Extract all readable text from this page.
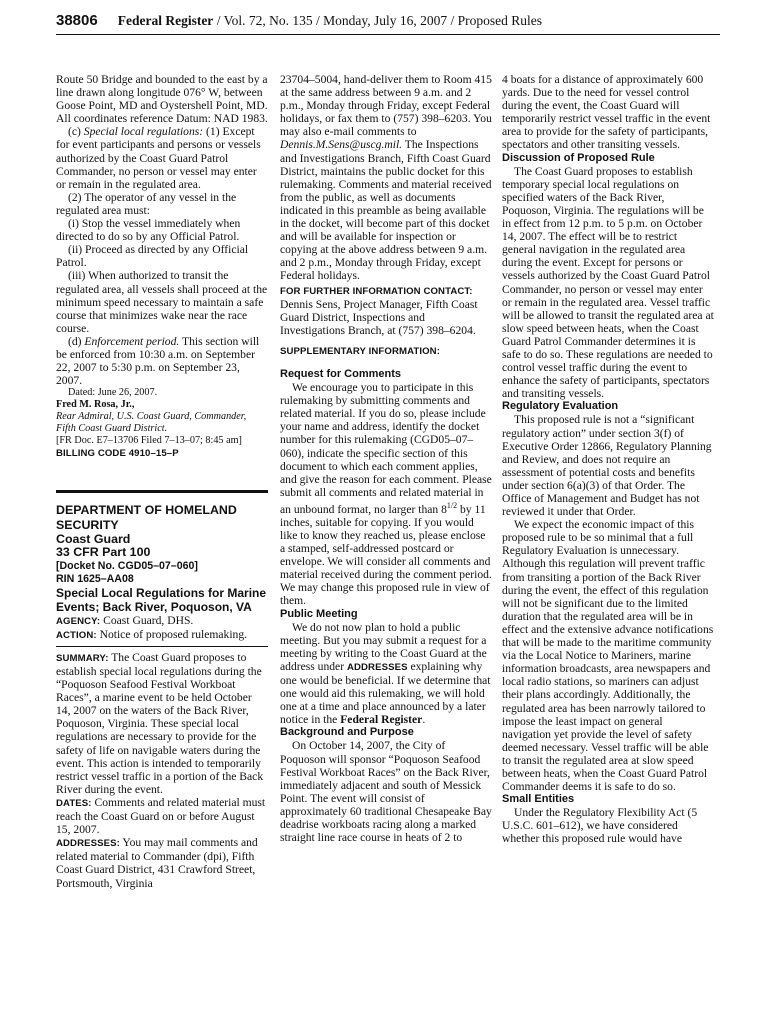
38806 Federal Register / Vol. 72, No. 135 / Monday, July 16, 2007 / Proposed Rules

Route 50 Bridge and bounded to the east by a line drawn along longitude 076° W, between Goose Point, MD and Oystershell Point, MD. All coordinates reference Datum: NAD 1983.

(c) Special local regulations: (1) Except for event participants and persons or vessels authorized by the Coast Guard Patrol Commander, no person or vessel may enter or remain in the regulated area.

(2) The operator of any vessel in the regulated area must:

(i) Stop the vessel immediately when directed to do so by any Official Patrol.

(ii) Proceed as directed by any Official Patrol.

(iii) When authorized to transit the regulated area, all vessels shall proceed at the minimum speed necessary to maintain a safe course that minimizes wake near the race course.

(d) Enforcement period. This section will be enforced from 10:30 a.m. on September 22, 2007 to 5:30 p.m. on September 23, 2007.

Dated: June 26, 2007.

Fred M. Rosa, Jr.,

Rear Admiral, U.S. Coast Guard, Commander, Fifth Coast Guard District.

[FR Doc. E7–13706 Filed 7–13–07; 8:45 am]

BILLING CODE 4910–15–P

DEPARTMENT OF HOMELAND SECURITY

Coast Guard

33 CFR Part 100

[Docket No. CGD05–07–060]

RIN 1625–AA08

Special Local Regulations for Marine Events; Back River, Poquoson, VA

AGENCY: Coast Guard, DHS.

ACTION: Notice of proposed rulemaking.

SUMMARY: The Coast Guard proposes to establish special local regulations during the “Poquoson Seafood Festival Workboat Races”, a marine event to be held October 14, 2007 on the waters of the Back River, Poquoson, Virginia. These special local regulations are necessary to provide for the safety of life on navigable waters during the event. This action is intended to temporarily restrict vessel traffic in a portion of the Back River during the event.

DATES: Comments and related material must reach the Coast Guard on or before August 15, 2007.

ADDRESSES: You may mail comments and related material to Commander (dpi), Fifth Coast Guard District, 431 Crawford Street, Portsmouth, Virginia

23704–5004, hand-deliver them to Room 415 at the same address between 9 a.m. and 2 p.m., Monday through Friday, except Federal holidays, or fax them to (757) 398–6203. You may also e-mail comments to Dennis.M.Sens@uscg.mil. The Inspections and Investigations Branch, Fifth Coast Guard District, maintains the public docket for this rulemaking. Comments and material received from the public, as well as documents indicated in this preamble as being available in the docket, will become part of this docket and will be available for inspection or copying at the above address between 9 a.m. and 2 p.m., Monday through Friday, except Federal holidays.

FOR FURTHER INFORMATION CONTACT:

Dennis Sens, Project Manager, Fifth Coast Guard District, Inspections and Investigations Branch, at (757) 398–6204.

SUPPLEMENTARY INFORMATION:

Request for Comments

We encourage you to participate in this rulemaking by submitting comments and related material. If you do so, please include your name and address, identify the docket number for this rulemaking (CGD05–07–060), indicate the specific section of this document to which each comment applies, and give the reason for each comment. Please submit all comments and related material in an unbound format, no larger than $8^{1/2}$ by 11 inches, suitable for copying. If you would like to know they reached us, please enclose a stamped, self-addressed postcard or envelope. We will consider all comments and material received during the comment period. We may change this proposed rule in view of them.

Public Meeting

We do not now plan to hold a public meeting. But you may submit a request for a meeting by writing to the Coast Guard at the address under ADDRESSES explaining why one would be beneficial. If we determine that one would aid this rulemaking, we will hold one at a time and place announced by a later notice in the Federal Register.

Background and Purpose

On October 14, 2007, the City of Poquoson will sponsor “Poquoson Seafood Festival Workboat Races” on the Back River, immediately adjacent and south of Messick Point. The event will consist of approximately 60 traditional Chesapeake Bay deadrise workboats racing along a marked straight line race course in heats of 2 to

4 boats for a distance of approximately 600 yards. Due to the need for vessel control during the event, the Coast Guard will temporarily restrict vessel traffic in the event area to provide for the safety of participants, spectators and other transiting vessels.

Discussion of Proposed Rule

The Coast Guard proposes to establish temporary special local regulations on specified waters of the Back River, Poquoson, Virginia. The regulations will be in effect from 12 p.m. to 5 p.m. on October 14, 2007. The effect will be to restrict general navigation in the regulated area during the event. Except for persons or vessels authorized by the Coast Guard Patrol Commander, no person or vessel may enter or remain in the regulated area. Vessel traffic will be allowed to transit the regulated area at slow speed between heats, when the Coast Guard Patrol Commander determines it is safe to do so. These regulations are needed to control vessel traffic during the event to enhance the safety of participants, spectators and transiting vessels.

Regulatory Evaluation

This proposed rule is not a “significant regulatory action” under section 3(f) of Executive Order 12866, Regulatory Planning and Review, and does not require an assessment of potential costs and benefits under section 6(a)(3) of that Order. The Office of Management and Budget has not reviewed it under that Order.

We expect the economic impact of this proposed rule to be so minimal that a full Regulatory Evaluation is unnecessary. Although this regulation will prevent traffic from transiting a portion of the Back River during the event, the effect of this regulation will not be significant due to the limited duration that the regulated area will be in effect and the extensive advance notifications that will be made to the maritime community via the Local Notice to Mariners, marine information broadcasts, area newspapers and local radio stations, so mariners can adjust their plans accordingly. Additionally, the regulated area has been narrowly tailored to impose the least impact on general navigation yet provide the level of safety deemed necessary. Vessel traffic will be able to transit the regulated area at slow speed between heats, when the Coast Guard Patrol Commander deems it is safe to do so.

Small Entities

Under the Regulatory Flexibility Act (5 U.S.C. 601–612), we have considered whether this proposed rule would have
